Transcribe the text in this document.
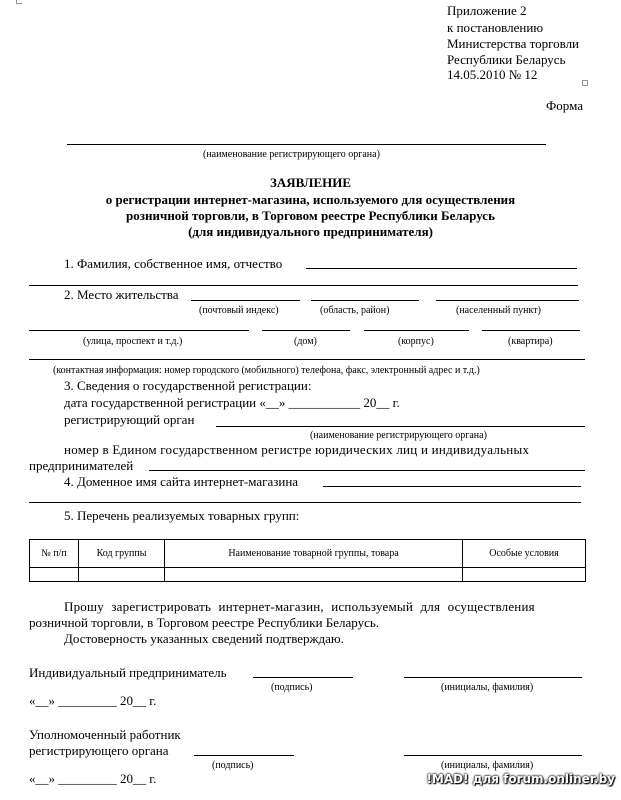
Приложение 2
к постановлению
Министерства торговли
Республики Беларусь
14.05.2010 № 12
Форма
(наименование регистрирующего органа)
ЗАЯВЛЕНИЕ
о регистрации интернет-магазина, используемого для осуществления
розничной торговли, в Торговом реестре Республики Беларусь
(для индивидуального предпринимателя)
1. Фамилия, собственное имя, отчество
2. Место жительства
(почтовый индекс)	(область, район)	(населенный пункт)
(улица, проспект и т.д.)	(дом)	(корпус)	(квартира)
(контактная информация: номер городского (мобильного) телефона, факс, электронный адрес и т.д.)
3. Сведения о государственной регистрации:
дата государственной регистрации «__» ___________ 20__ г.
регистрирующий орган
(наименование регистрирующего органа)
номер в Едином государственном регистре юридических лиц и индивидуальных
предпринимателей
4. Доменное имя сайта интернет-магазина
5. Перечень реализуемых товарных групп:
№ п/п	Код группы	Наименование товарной группы, товара	Особые условия

Прошу зарегистрировать интернет-магазин, используемый для осуществления
розничной торговли, в Торговом реестре Республики Беларусь.
Достоверность указанных сведений подтверждаю.
Индивидуальный предприниматель
(подпись)	(инициалы, фамилия)
«__» _________ 20__ г.
Уполномоченный работник
регистрирующего органа
(подпись)	(инициалы, фамилия)
«__» _________ 20__ г.	!MAD! для forum.onliner.by
